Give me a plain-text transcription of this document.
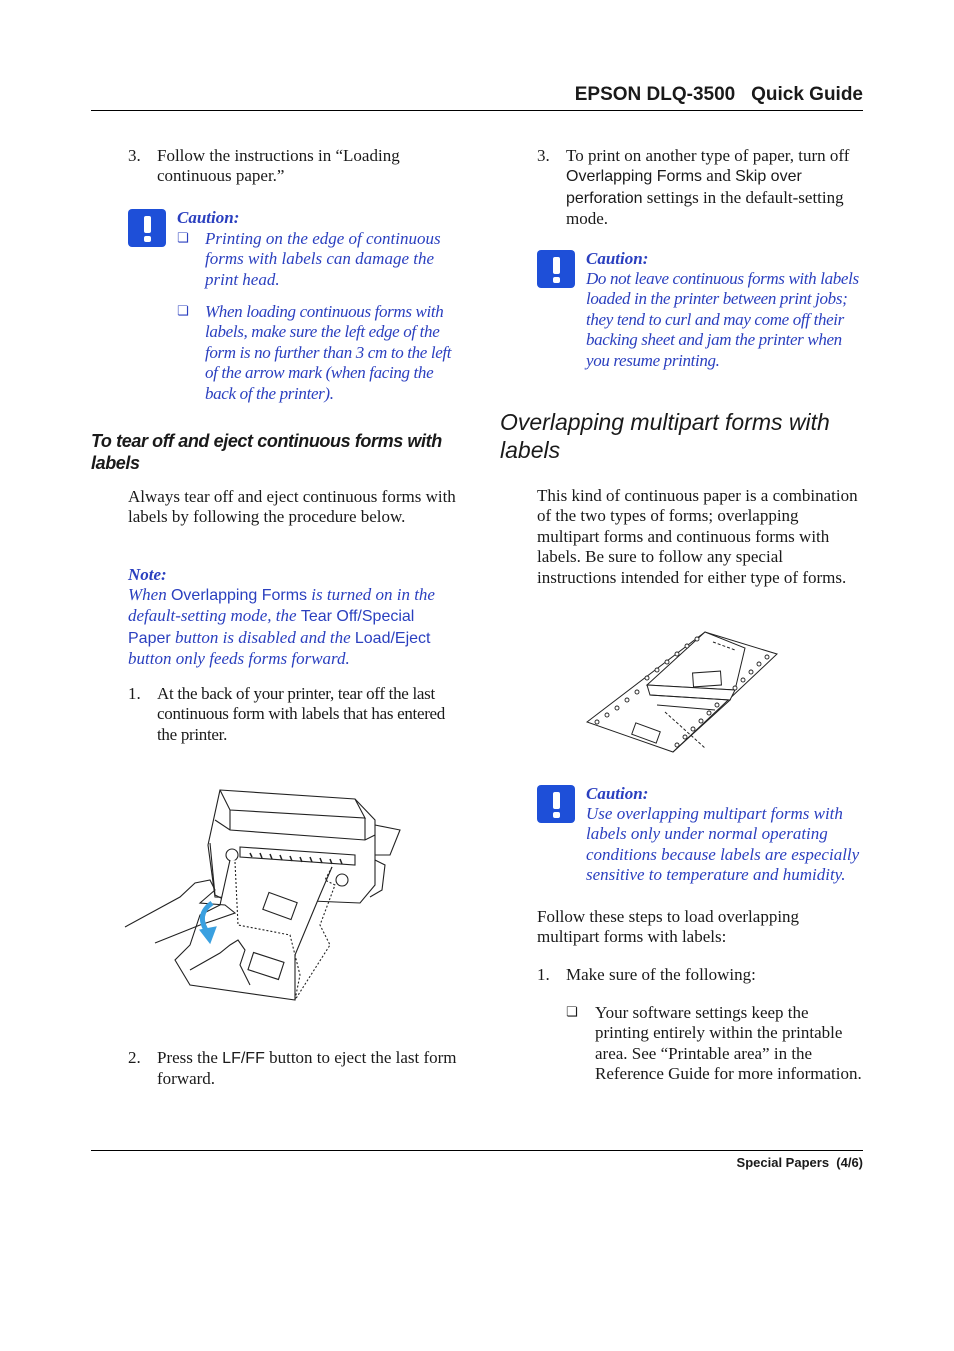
EPSON DLQ-3500   Quick Guide
3. Follow the instructions in “Loading continuous paper.”
Caution:
❏ Printing on the edge of continuous forms with labels can damage the print head.
❏ When loading continuous forms with labels, make sure the left edge of the form is no further than 3 cm to the left of the arrow mark (when facing the back of the printer).
To tear off and eject continuous forms with labels
Always tear off and eject continuous forms with labels by following the procedure below.
Note:
When Overlapping Forms is turned on in the default-setting mode, the Tear Off/Special Paper button is disabled and the Load/Eject button only feeds forms forward.
1. At the back of your printer, tear off the last continuous form with labels that has entered the printer.
2. Press the LF/FF button to eject the last form forward.
3. To print on another type of paper, turn off Overlapping Forms and Skip over perforation settings in the default-setting mode.
Caution:
Do not leave continuous forms with labels loaded in the printer between print jobs; they tend to curl and may come off their backing sheet and jam the printer when you resume printing.
Overlapping multipart forms with labels
This kind of continuous paper is a combination of the two types of forms; overlapping multipart forms and continuous forms with labels. Be sure to follow any special instructions intended for either type of forms.
Caution:
Use overlapping multipart forms with labels only under normal operating conditions because labels are especially sensitive to temperature and humidity.
Follow these steps to load overlapping multipart forms with labels:
1. Make sure of the following:
❏ Your software settings keep the printing entirely within the printable area. See “Printable area” in the Reference Guide for more information.
Special Papers  (4/6)
